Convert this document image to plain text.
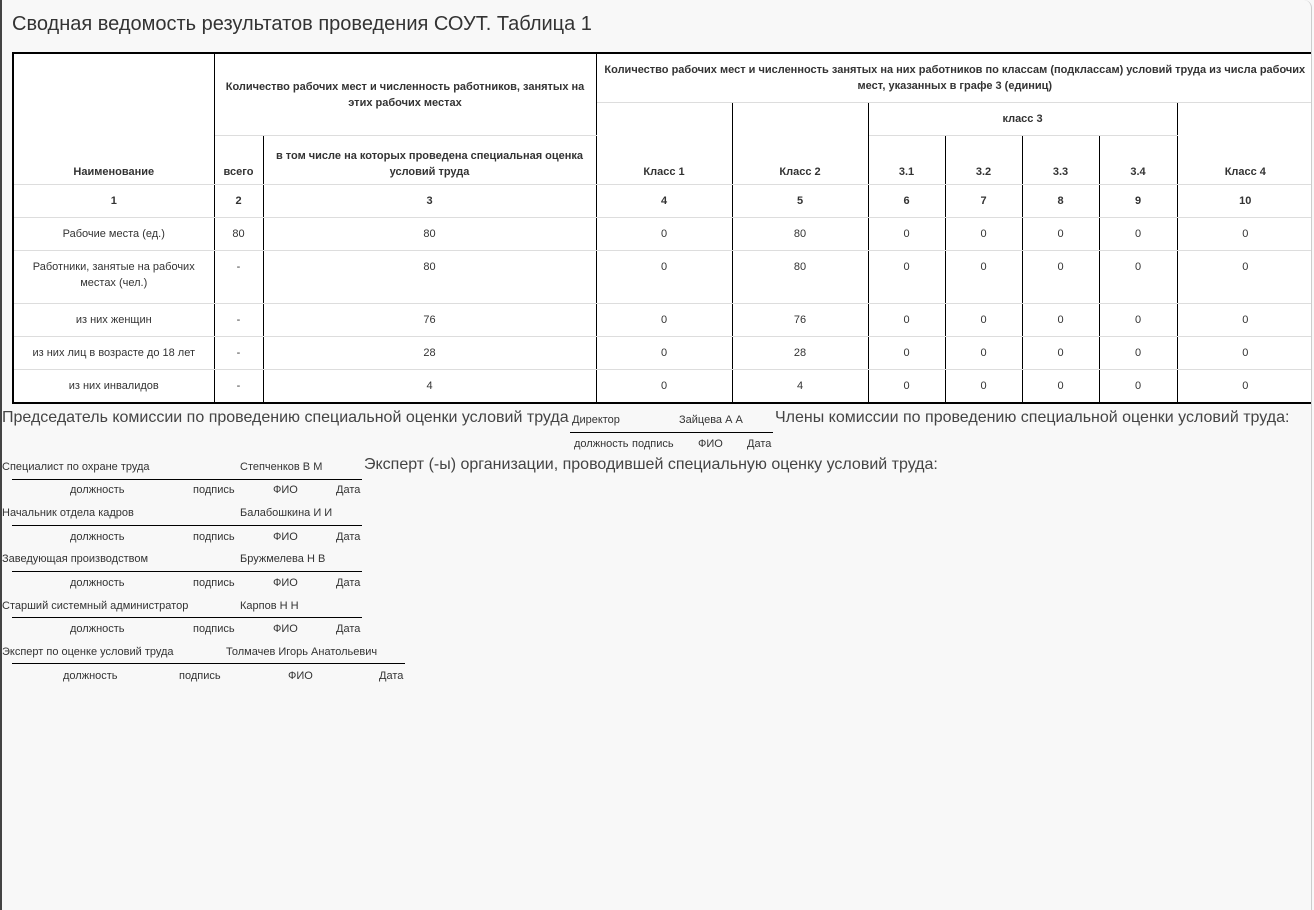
Сводная ведомость результатов проведения СОУТ. Таблица 1
Наименование	Количество рабочих мест и численность работников, занятых на этих рабочих местах		Количество рабочих мест и численность занятых на них работников по классам (подклассам) условий труда из числа рабочих мест, указанных в графе 3 (единиц)						
			Класс 1	Класс 2	класс 3				Класс 4
	всего	в том числе на которых проведена специальная оценка условий труда			3.1	3.2	3.3	3.4	
1	2	3	4	5	6	7	8	9	10
Рабочие места (ед.)	80	80	0	80	0	0	0	0	0
Работники, занятые на рабочих местах (чел.)	-	80	0	80	0	0	0	0	0
из них женщин	-	76	0	76	0	0	0	0	0
из них лиц в возрасте до 18 лет	-	28	0	28	0	0	0	0	0
из них инвалидов	-	4	0	4	0	0	0	0	0
Председатель комиссии по проведению специальной оценки условий труда Директор	Зайцева А А
должность подпись ФИО Дата
Члены комиссии по проведению специальной оценки условий труда:
Эксперт (-ы) организации, проводившей специальную оценку условий труда:
Специалист по охране труда	Степченков В М
должность	подпись	ФИО	Дата
Начальник отдела кадров	Балабошкина И И
должность	подпись	ФИО	Дата
Заведующая производством	Бружмелева Н В
должность	подпись	ФИО	Дата
Старший системный администратор	Карпов Н Н
должность	подпись	ФИО	Дата
Эксперт по оценке условий труда	Толмачев Игорь Анатольевич
должность	подпись	ФИО	Дата
